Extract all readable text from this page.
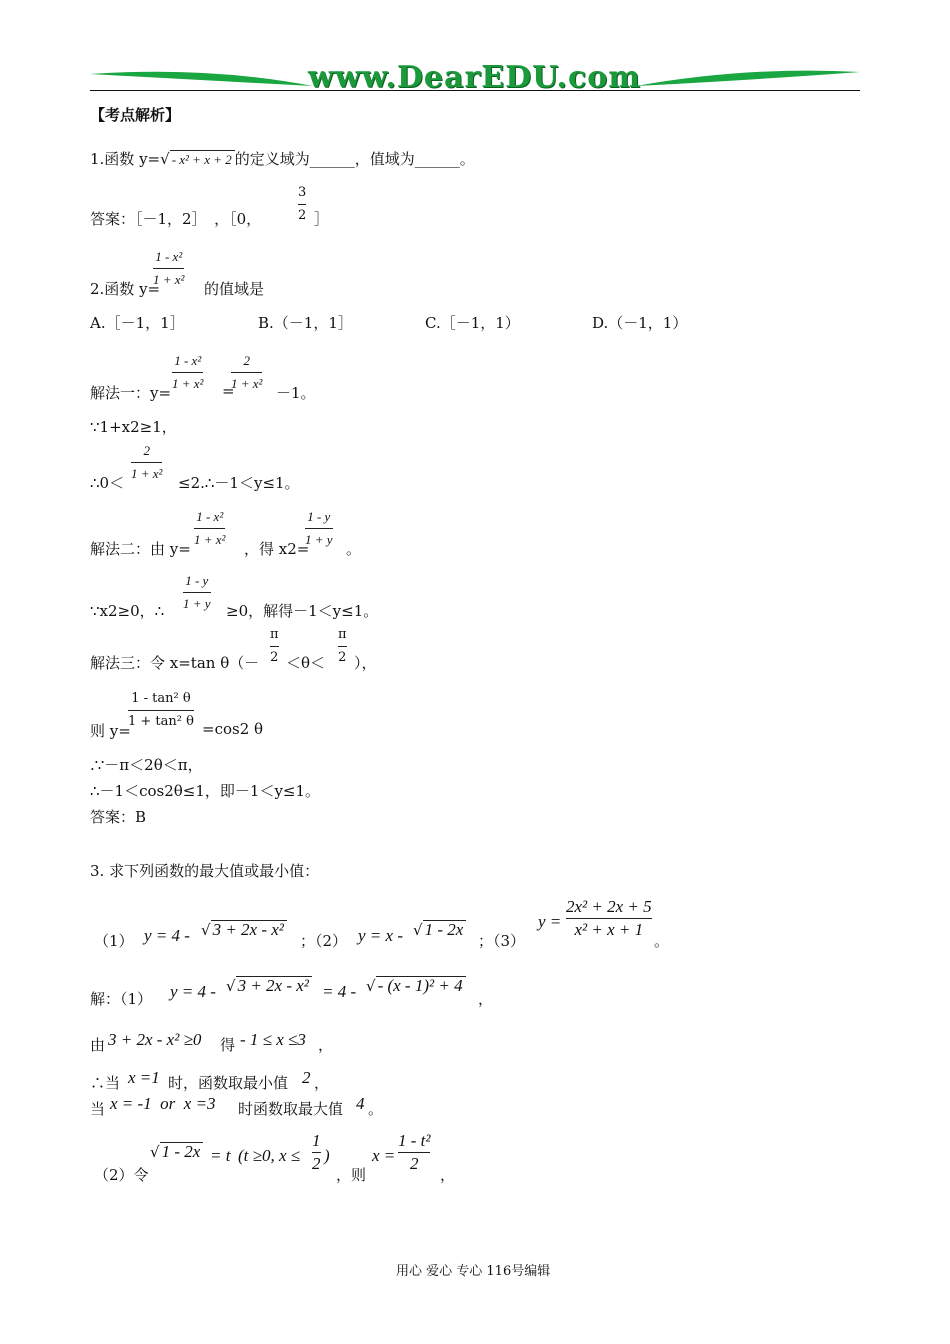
www.DearEDU.com
【考点解析】
1.函数 y=√ - x² + x + 2 的定义域为______，值域为______。
答案：［－1，2］　，［0，
3
2 ］
2.函数 y=
1 - x²
1 + x²
的值域是
A.［－1，1］	B.（－1，1］	C.［－1，1）	D.（－1，1）
解法一：y=
1 - x²
1 + x² =
2
1 + x²
－1。
∵1+x2≥1，
∴0＜
2
1 + x²
≤2.∴－1＜y≤1。
解法二：由 y=
1 - x²
1 + x²
，得 x2=
1 - y
1 + y
。
∵x2≥0，∴
1 - y
1 + y ≥0，解得－1＜y≤1。
解法三：令 x=tan θ（－
π
2 ＜θ＜
π
2 ），
则 y=
1 - tan² θ
1 + tan² θ =cos2 θ
.∵－π＜2θ＜π，
∴－1＜cos2θ≤1，即－1＜y≤1。
答案：B
3. 求下列函数的最大值或最小值：
（1） y = 4 - √ 3 + 2x - x²
；（2） y = x - √ 1 - 2x
；（3）
y =
2x² + 2x + 5
x² + x + 1
。
解：（1） y = 4 - √ 3 + 2x - x² = 4 - √ - (x - 1)² + 4
，
由 3 + 2x - x² ≥0 得 - 1 ≤ x ≤3 ，
∴当 x =1 时，函数取最小值 2 ，
当 x = -1  or  x =3 时函数取最大值 4 。
（2）令
√ 1 - 2x = t (t ≥0, x ≤
1
2 )
，则
x =
1 - t²
2
，
用心 爱心 专心 116号编辑
